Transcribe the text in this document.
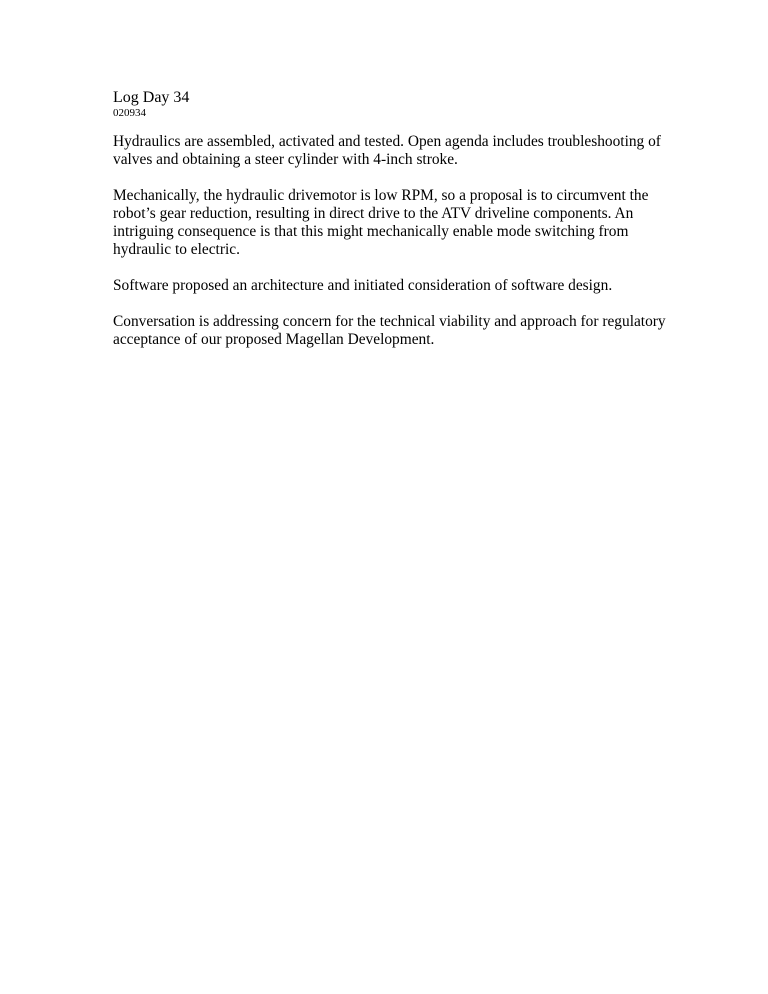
Log Day 34
020934
Hydraulics are assembled, activated and tested. Open agenda includes troubleshooting of
valves and obtaining a steer cylinder with 4-inch stroke.
Mechanically, the hydraulic drivemotor is low RPM, so a proposal is to circumvent the
robot’s gear reduction, resulting in direct drive to the ATV driveline components. An
intriguing consequence is that this might mechanically enable mode switching from
hydraulic to electric.
Software proposed an architecture and initiated consideration of software design.
Conversation is addressing concern for the technical viability and approach for regulatory
acceptance of our proposed Magellan Development.
